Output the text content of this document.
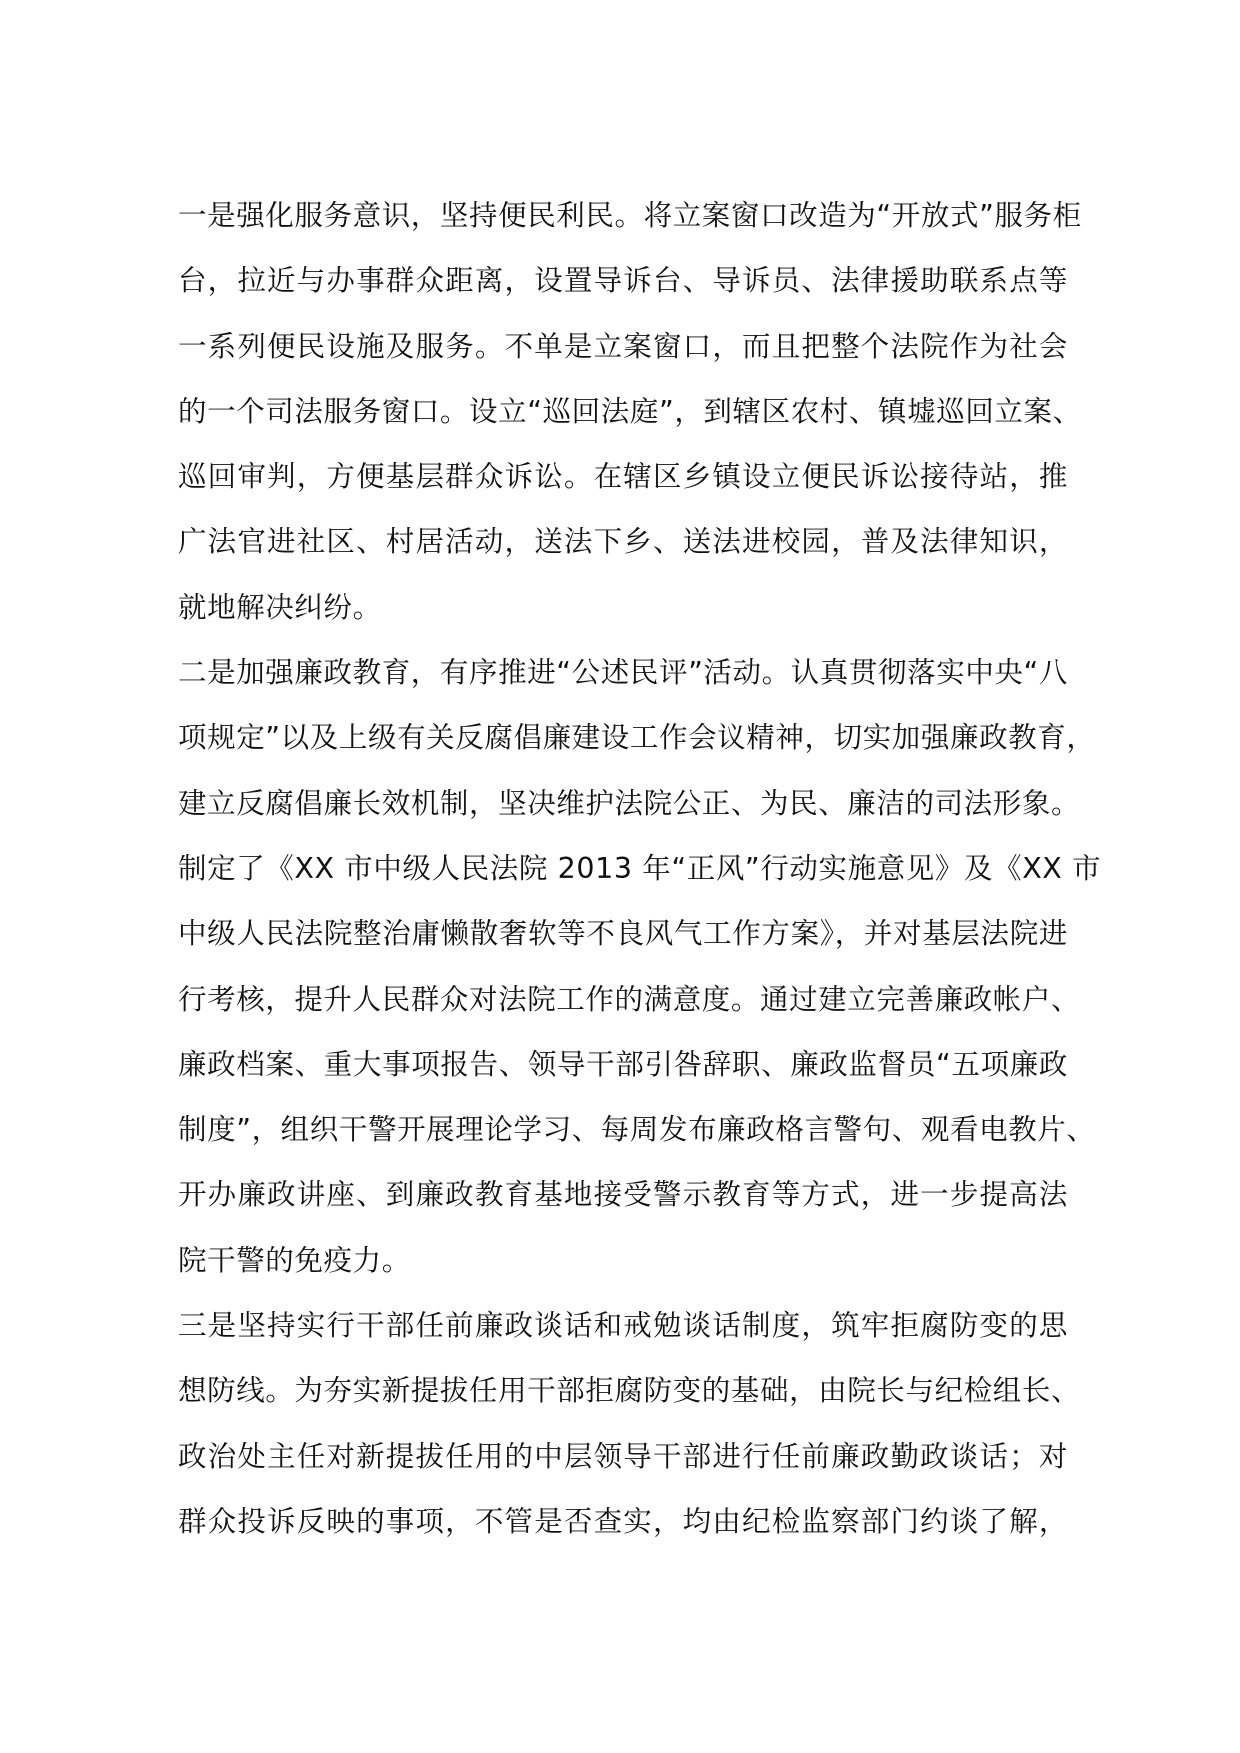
一是强化服务意识，坚持便民利民。将立案窗口改造为“开放式”服务柜
台，拉近与办事群众距离，设置导诉台、导诉员、法律援助联系点等
一系列便民设施及服务。不单是立案窗口，而且把整个法院作为社会
的一个司法服务窗口。设立“巡回法庭”，到辖区农村、镇墟巡回立案、
巡回审判，方便基层群众诉讼。在辖区乡镇设立便民诉讼接待站，推
广法官进社区、村居活动，送法下乡、送法进校园，普及法律知识，
就地解决纠纷。
二是加强廉政教育，有序推进“公述民评”活动。认真贯彻落实中央“八
项规定”以及上级有关反腐倡廉建设工作会议精神，切实加强廉政教育，
建立反腐倡廉长效机制，坚决维护法院公正、为民、廉洁的司法形象。
制定了《XX 市中级人民法院 2013 年“正风”行动实施意见》及《XX 市
中级人民法院整治庸懒散奢软等不良风气工作方案》，并对基层法院进
行考核，提升人民群众对法院工作的满意度。通过建立完善廉政帐户、
廉政档案、重大事项报告、领导干部引咎辞职、廉政监督员“五项廉政
制度”，组织干警开展理论学习、每周发布廉政格言警句、观看电教片、
开办廉政讲座、到廉政教育基地接受警示教育等方式，进一步提高法
院干警的免疫力。
三是坚持实行干部任前廉政谈话和戒勉谈话制度，筑牢拒腐防变的思
想防线。为夯实新提拔任用干部拒腐防变的基础，由院长与纪检组长、
政治处主任对新提拔任用的中层领导干部进行任前廉政勤政谈话；对
群众投诉反映的事项，不管是否查实，均由纪检监察部门约谈了解，
